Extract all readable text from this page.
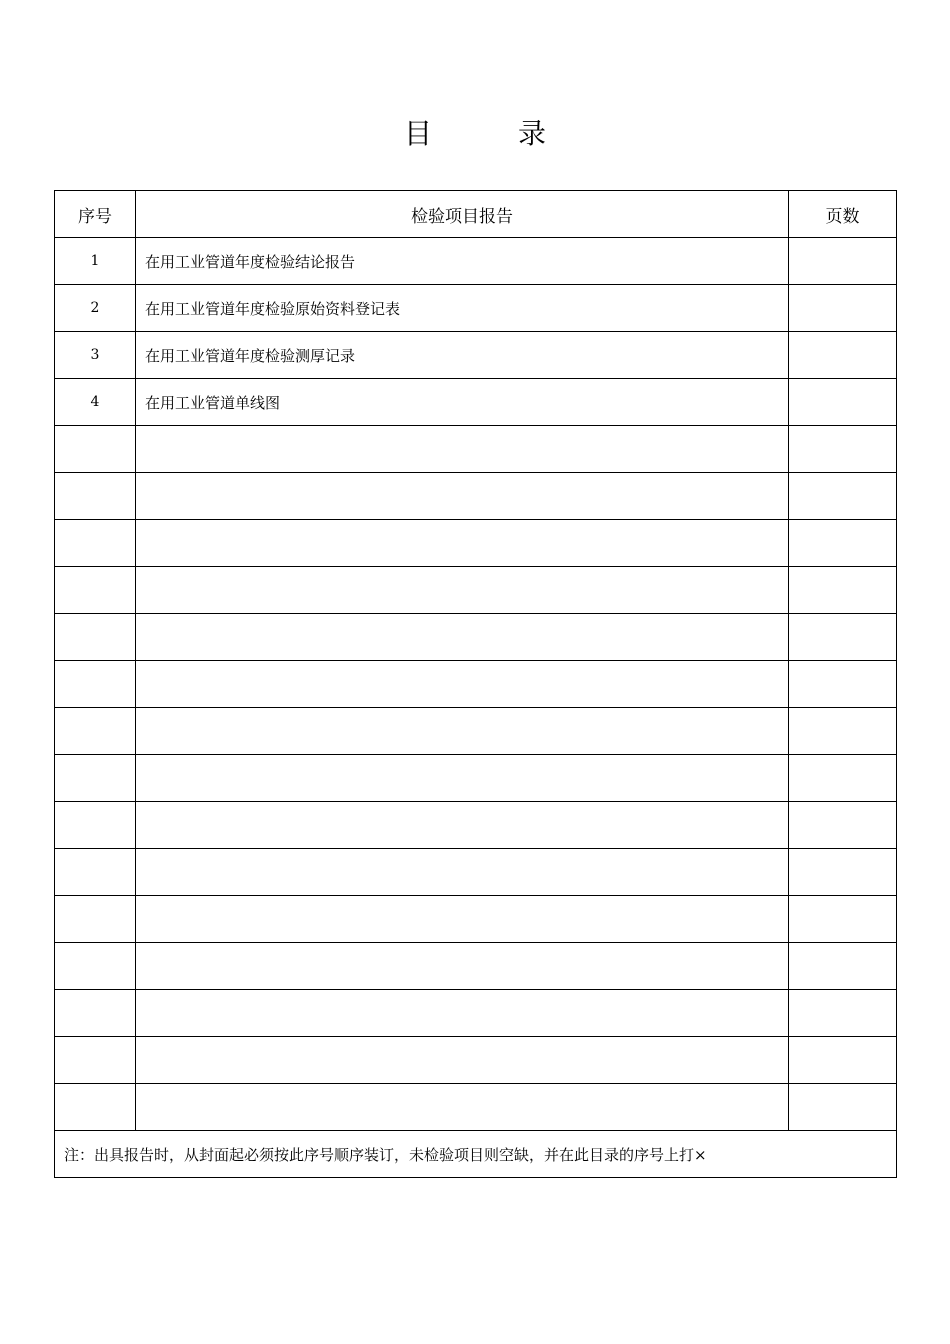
目	录
序号	检验项目报告	页数
1	在用工业管道年度检验结论报告	
2	在用工业管道年度检验原始资料登记表	
3	在用工业管道年度检验测厚记录	
4	在用工业管道单线图	

注：出具报告时，从封面起必须按此序号顺序装订，未检验项目则空缺，并在此目录的序号上打×		
